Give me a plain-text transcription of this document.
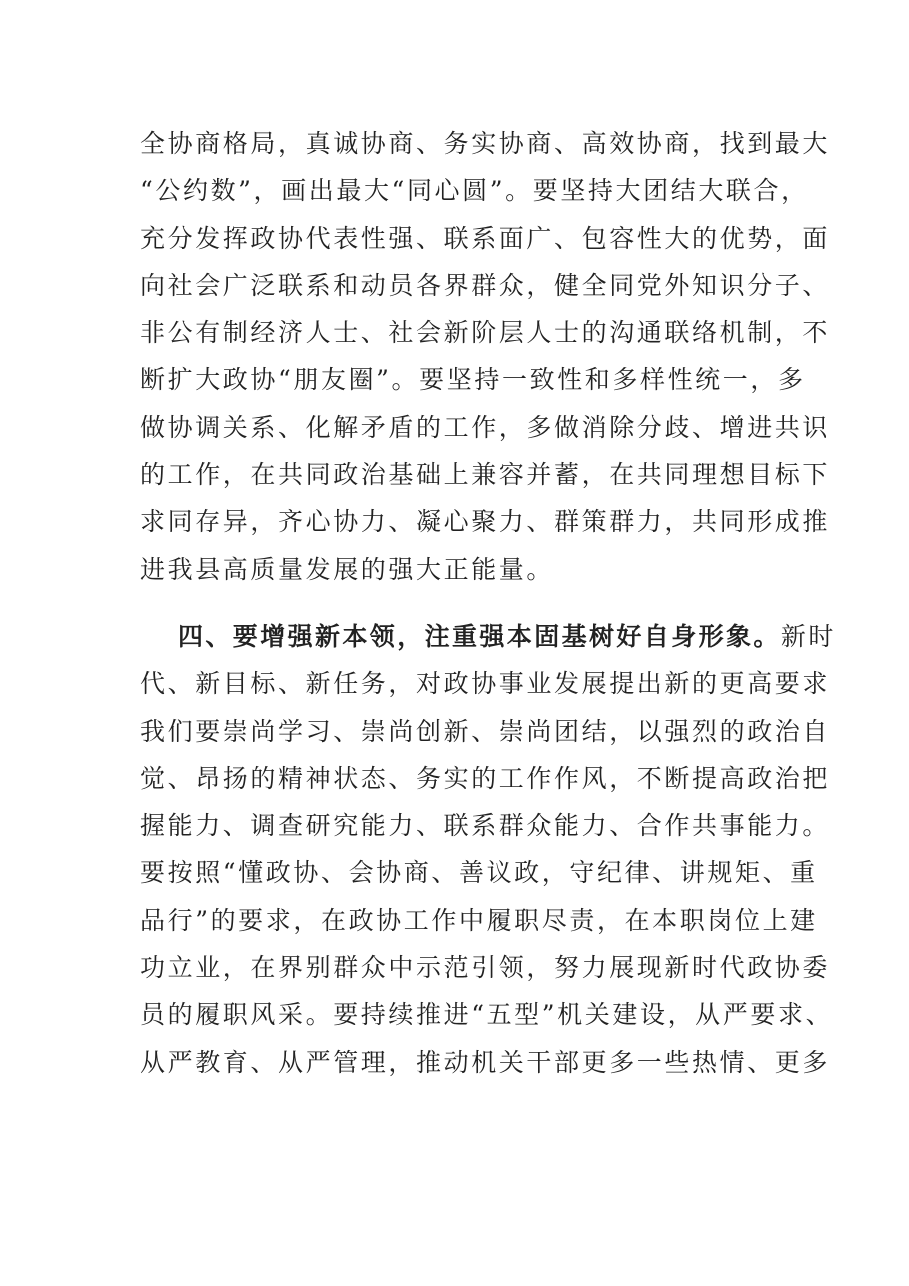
全协商格局，真诚协商、务实协商、高效协商，找到最大
“公约数”，画出最大“同心圆”。要坚持大团结大联合，
充分发挥政协代表性强、联系面广、包容性大的优势，面
向社会广泛联系和动员各界群众，健全同党外知识分子、
非公有制经济人士、社会新阶层人士的沟通联络机制，不
断扩大政协“朋友圈”。要坚持一致性和多样性统一，多
做协调关系、化解矛盾的工作，多做消除分歧、增进共识
的工作，在共同政治基础上兼容并蓄，在共同理想目标下
求同存异，齐心协力、凝心聚力、群策群力，共同形成推
进我县高质量发展的强大正能量。
四、要增强新本领，注重强本固基树好自身形象。新时
代、新目标、新任务，对政协事业发展提出新的更高要求
我们要崇尚学习、崇尚创新、崇尚团结，以强烈的政治自
觉、昂扬的精神状态、务实的工作作风，不断提高政治把
握能力、调查研究能力、联系群众能力、合作共事能力。
要按照“懂政协、会协商、善议政，守纪律、讲规矩、重
品行”的要求，在政协工作中履职尽责，在本职岗位上建
功立业，在界别群众中示范引领，努力展现新时代政协委
员的履职风采。要持续推进“五型”机关建设，从严要求、
从严教育、从严管理，推动机关干部更多一些热情、更多
